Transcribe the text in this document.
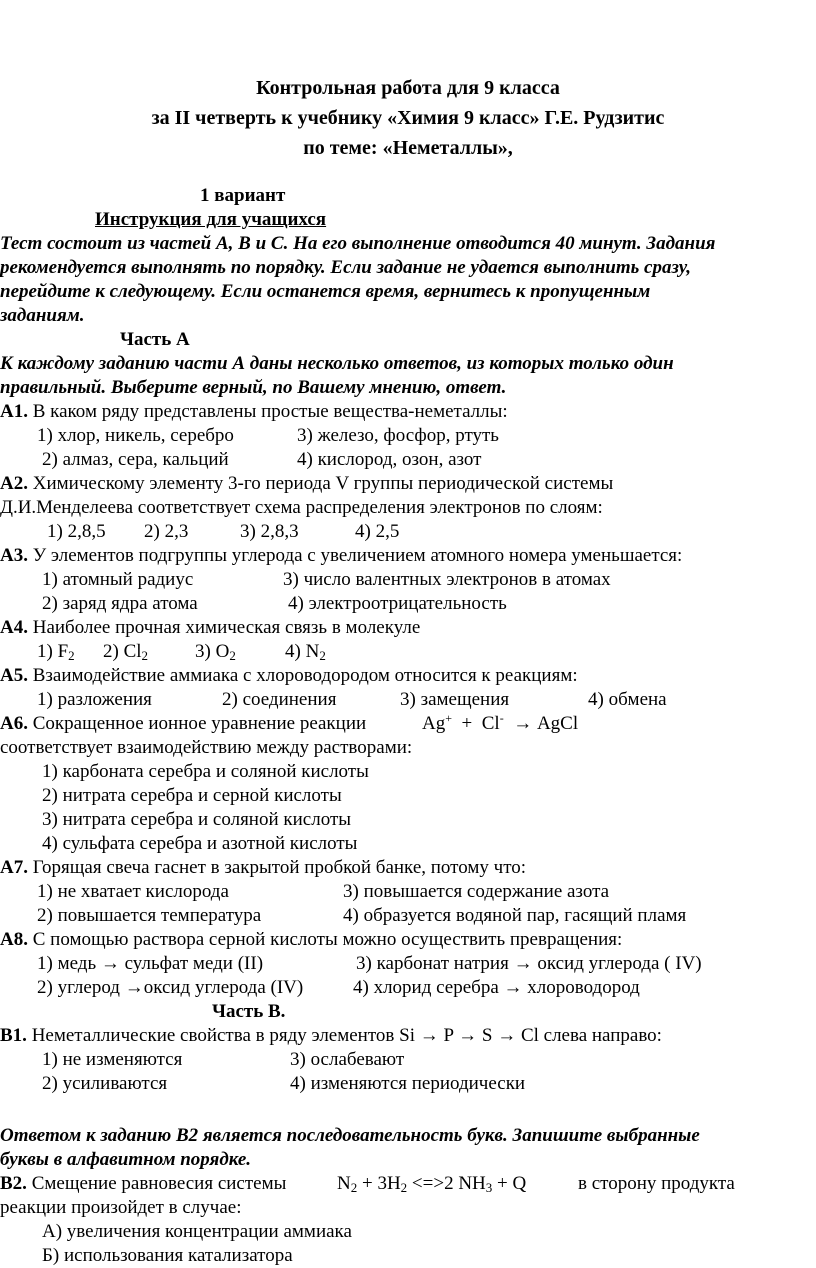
Контрольная работа для 9 класса
за II четверть к учебнику «Химия 9 класс» Г.Е. Рудзитис
по теме: «Неметаллы»,
1 вариант
Инструкция для учащихся
Тест состоит из частей А, В и С. На его выполнение отводится 40 минут. Задания
рекомендуется выполнять по порядку. Если задание не удается выполнить сразу,
перейдите к следующему. Если останется время, вернитесь к пропущенным
заданиям.
Часть А
К каждому заданию части А даны несколько ответов, из которых только один
правильный. Выберите верный, по Вашему мнению, ответ.
А1. В каком ряду представлены простые вещества-неметаллы:
1) хлор, никель, серебро	3) железо, фосфор, ртуть
2) алмаз, сера, кальций	4) кислород, озон, азот
А2. Химическому элементу 3-го периода V группы периодической системы
Д.И.Менделеева соответствует схема распределения электронов по слоям:
1) 2,8,5 2) 2,3	3) 2,8,3	4) 2,5
А3. У элементов подгруппы углерода с увеличением атомного номера уменьшается:
1) атомный радиус	3) число валентных электронов в атомах
2) заряд ядра атома	4) электроотрицательность
А4. Наиболее прочная химическая связь в молекуле
1) $F_2$ 2) $Cl_2$ 3) $O_2$	4) $N_2$
А5. Взаимодействие аммиака с хлороводородом относится к реакциям:
1) разложения	2) соединения	3) замещения	4) обмена
А6. Сокращенное ионное уравнение реакции	Ag+ + Cl- → AgCl
соответствует взаимодействию между растворами:
1) карбоната серебра и соляной кислоты
2) нитрата серебра и серной кислоты
3) нитрата серебра и соляной кислоты
4) сульфата серебра и азотной кислоты
А7. Горящая свеча гаснет в закрытой пробкой банке, потому что:
1) не хватает кислорода	3) повышается содержание азота
2) повышается температура	4) образуется водяной пар, гасящий пламя
А8. С помощью раствора серной кислоты можно осуществить превращения:
1) медь → сульфат меди (II)	3) карбонат натрия → оксид углерода ( IV)
2) углерод →оксид углерода (IV)	4) хлорид серебра → хлороводород
Часть В.
В1. Неметаллические свойства в ряду элементов Si → P → S → Cl слева направо:
1) не изменяются	3) ослабевают
2) усиливаются	4) изменяются периодически
Ответом к заданию В2 является последовательность букв. Запишите выбранные
буквы в алфавитном порядке.
В2. Смещение равновесия системы	$N_2 + 3H_2 <=>2$ $NH_3 + Q$	в сторону продукта
реакции произойдет в случае:
А) увеличения концентрации аммиака
Б) использования катализатора
